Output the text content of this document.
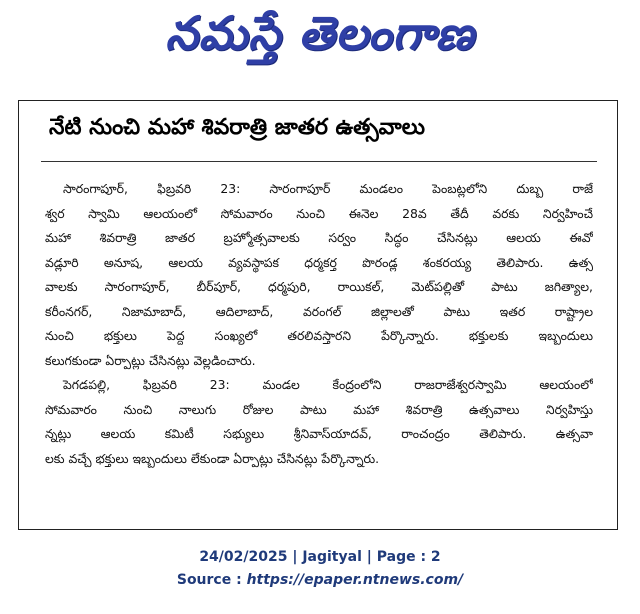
నమస్తే తెలంగాణ
నేటి నుంచి మహా శివరాత్రి జాతర ఉత్సవాలు
సారంగాపూర్, ఫిబ్రవరి 23: సారంగాపూర్ మండలం పెంబట్లలోని దుబ్బ రాజే
శ్వర స్వామి ఆలయంలో సోమవారం నుంచి ఈనెల 28వ తేదీ వరకు నిర్వహించే
మహా శివరాత్రి జాతర బ్రహ్మోత్సవాలకు సర్వం సిద్ధం చేసినట్లు ఆలయ ఈవో
వడ్లూరి అనూష, ఆలయ వ్యవస్థాపక ధర్మకర్త పొరండ్ల శంకరయ్య తెలిపారు. ఉత్స
వాలకు సారంగాపూర్, బీర్‌పూర్, ధర్మపురి, రాయికల్, మెట్‌పల్లితో పాటు జగిత్యాల,
కరీంనగర్, నిజామాబాద్, ఆదిలాబాద్, వరంగల్ జిల్లాలతో పాటు ఇతర రాష్ట్రాల
నుంచి భక్తులు పెద్ద సంఖ్యలో తరలివస్తారని పేర్కొన్నారు. భక్తులకు ఇబ్బందులు
కలుగకుండా ఏర్పాట్లు చేసినట్లు వెల్లడించారు.
పెగడపల్లి, ఫిబ్రవరి 23: మండల కేంద్రంలోని రాజరాజేశ్వరస్వామి ఆలయంలో
సోమవారం నుంచి నాలుగు రోజుల పాటు మహా శివరాత్రి ఉత్సవాలు నిర్వహిస్తు
న్నట్లు ఆలయ కమిటీ సభ్యులు శ్రీనివాస్‌యాదవ్, రాంచంద్రం తెలిపారు. ఉత్సవా
లకు వచ్చే భక్తులు ఇబ్బందులు లేకుండా ఏర్పాట్లు చేసినట్లు పేర్కొన్నారు.
24/02/2025 | Jagityal | Page : 2
Source : https://epaper.ntnews.com/
